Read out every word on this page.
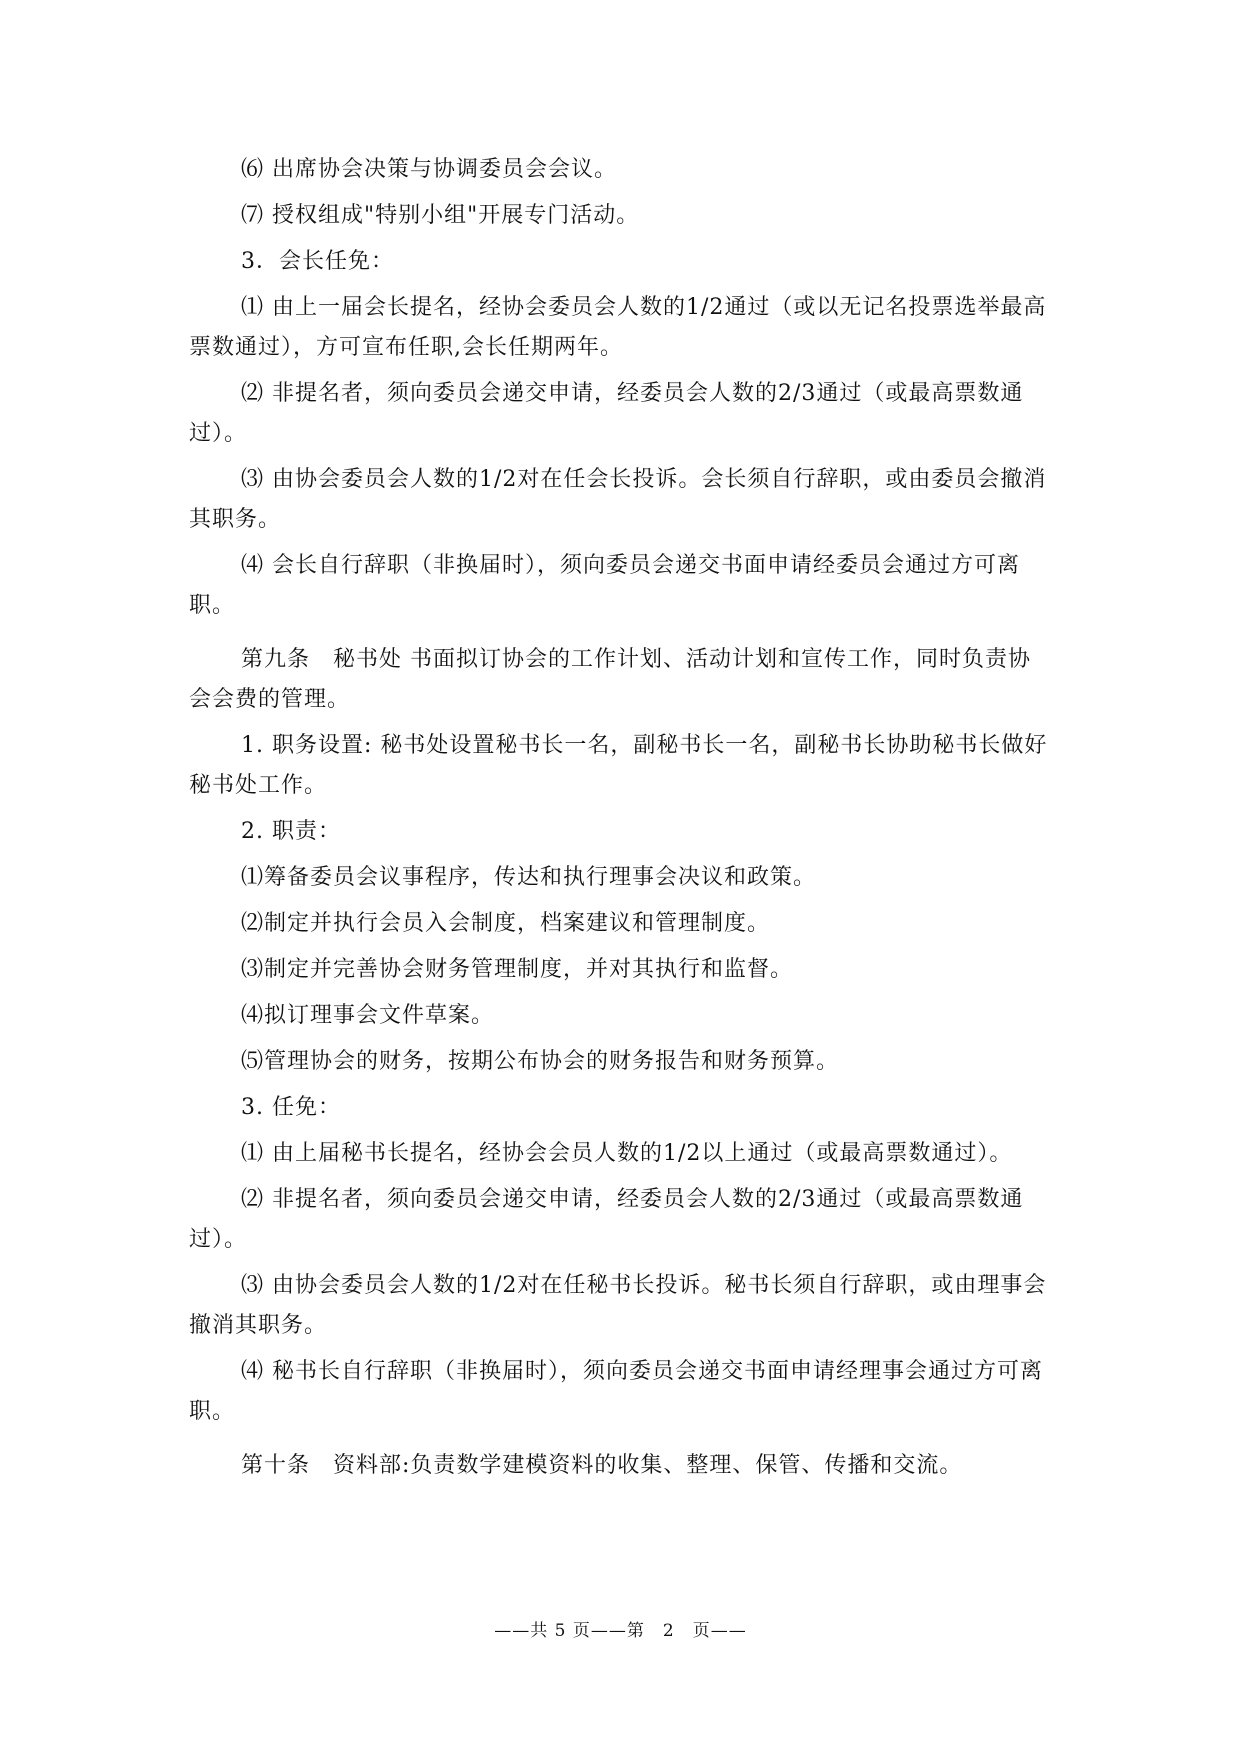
⑹ 出席协会决策与协调委员会会议。

⑺ 授权组成"特别小组"开展专门活动。

3．会长任免：

⑴ 由上一届会长提名，经协会委员会人数的1/2通过（或以无记名投票选举最高票数通过），方可宣布任职,会长任期两年。

⑵ 非提名者，须向委员会递交申请，经委员会人数的2/3通过（或最高票数通过）。

⑶ 由协会委员会人数的1/2对在任会长投诉。会长须自行辞职，或由委员会撤消其职务。

⑷ 会长自行辞职（非换届时），须向委员会递交书面申请经委员会通过方可离职。

第九条　秘书处 书面拟订协会的工作计划、活动计划和宣传工作，同时负责协会会费的管理。

1. 职务设置: 秘书处设置秘书长一名，副秘书长一名，副秘书长协助秘书长做好秘书处工作。

2. 职责：

⑴筹备委员会议事程序，传达和执行理事会决议和政策。

⑵制定并执行会员入会制度，档案建议和管理制度。

⑶制定并完善协会财务管理制度，并对其执行和监督。

⑷拟订理事会文件草案。

⑸管理协会的财务，按期公布协会的财务报告和财务预算。

3. 任免：

⑴ 由上届秘书长提名，经协会会员人数的1/2以上通过（或最高票数通过）。

⑵ 非提名者，须向委员会递交申请，经委员会人数的2/3通过（或最高票数通过）。

⑶ 由协会委员会人数的1/2对在任秘书长投诉。秘书长须自行辞职，或由理事会撤消其职务。

⑷ 秘书长自行辞职（非换届时），须向委员会递交书面申请经理事会通过方可离职。

第十条　资料部:负责数学建模资料的收集、整理、保管、传播和交流。

——共 5 页——第　2　页——
